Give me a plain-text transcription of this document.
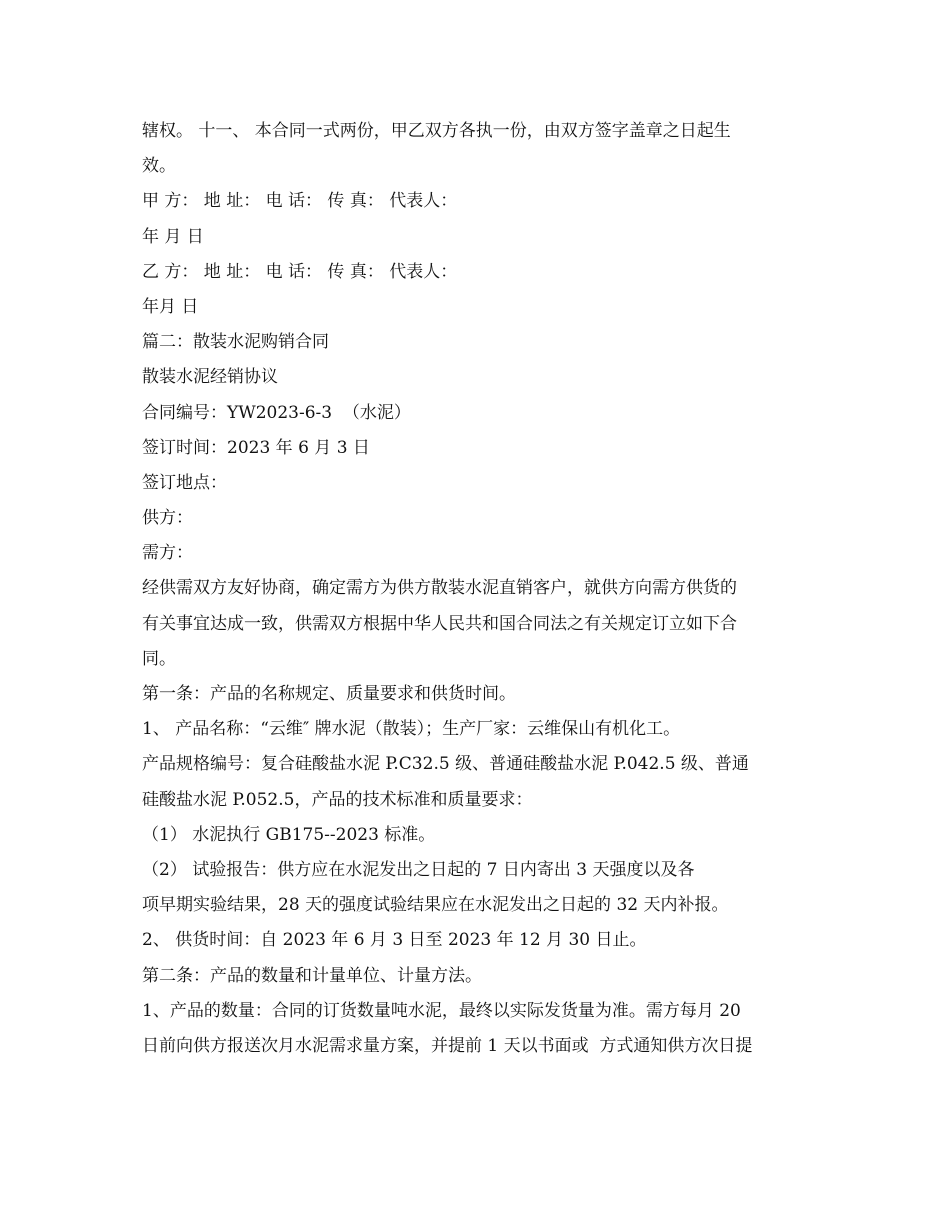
辖权。 十一、 本合同一式两份，甲乙双方各执一份，由双方签字盖章之日起生
效。
甲 方： 地 址： 电 话： 传 真： 代表人：
年 月 日
乙 方： 地 址： 电 话： 传 真： 代表人：
年月 日
篇二：散装水泥购销合同
散装水泥经销协议
合同编号：YW2023-6-3  （水泥）
签订时间：2023 年 6 月 3 日
签订地点：
供方：
需方：
经供需双方友好协商，确定需方为供方散装水泥直销客户，就供方向需方供货的
有关事宜达成一致，供需双方根据中华人民共和国合同法之有关规定订立如下合
同。
第一条：产品的名称规定、质量要求和供货时间。
1、 产品名称：“云维″ 牌水泥（散装）；生产厂家：云维保山有机化工。
产品规格编号：复合硅酸盐水泥 P.C32.5 级、普通硅酸盐水泥 P.042.5 级、普通
硅酸盐水泥 P.052.5，产品的技术标准和质量要求：
（1） 水泥执行 GB175--2023 标准。
（2） 试验报告：供方应在水泥发出之日起的 7 日内寄出 3 天强度以及各
项早期实验结果，28 天的强度试验结果应在水泥发出之日起的 32 天内补报。
2、 供货时间：自 2023 年 6 月 3 日至 2023 年 12 月 30 日止。
第二条：产品的数量和计量单位、计量方法。
1、产品的数量：合同的订货数量吨水泥，最终以实际发货量为准。需方每月 20
日前向供方报送次月水泥需求量方案，并提前 1 天以书面或  方式通知供方次日提
